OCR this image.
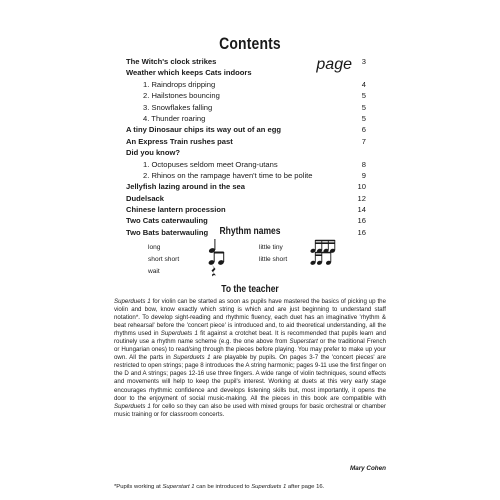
Contents
page
The Witch's clock strikes	3
Weather which keeps Cats indoors
1. Raindrops dripping	4
2. Hailstones bouncing	5
3. Snowflakes falling	5
4. Thunder roaring	5
A tiny Dinosaur chips its way out of an egg	6
An Express Train rushes past	7
Did you know?
1. Octopuses seldom meet Orang-utans	8
2. Rhinos on the rampage haven't time to be polite	9
Jellyfish lazing around in the sea	10
Dudelsack	12
Chinese lantern procession	14
Two Cats caterwauling	16
Two Bats baterwauling	16
Rhythm names
long
short short
wait
little tiny
little short
To the teacher

Superduets 1 for violin can be started as soon as pupils have mastered the basics of picking up the violin and bow, know exactly which string is which and are just beginning to understand staff notation*. To develop sight-reading and rhythmic fluency, each duet has an imaginative 'rhythm & beat rehearsal' before the 'concert piece' is introduced and, to aid theoretical understanding, all the rhythms used in Superduets 1 fit against a crotchet beat. It is recommended that pupils learn and routinely use a rhythm name scheme (e.g. the one above from Superstart or the traditional French or Hungarian ones) to read/sing through the pieces before playing. You may prefer to make up your own. All the parts in Superduets 1 are playable by pupils. On pages 3-7 the 'concert pieces' are restricted to open strings; page 8 introduces the A string harmonic; pages 9-11 use the first finger on the D and A strings; pages 12-16 use three fingers. A wide range of violin techniques, sound effects and movements will help to keep the pupil's interest. Working at duets at this very early stage encourages rhythmic confidence and develops listening skills but, most importantly, it opens the door to the enjoyment of social music-making. All the pieces in this book are compatible with Superduets 1 for cello so they can also be used with mixed groups for basic orchestral or chamber music training or for classroom concerts.

Mary Cohen

*Pupils working at Superstart 1 can be introduced to Superduets 1 after page 16.
